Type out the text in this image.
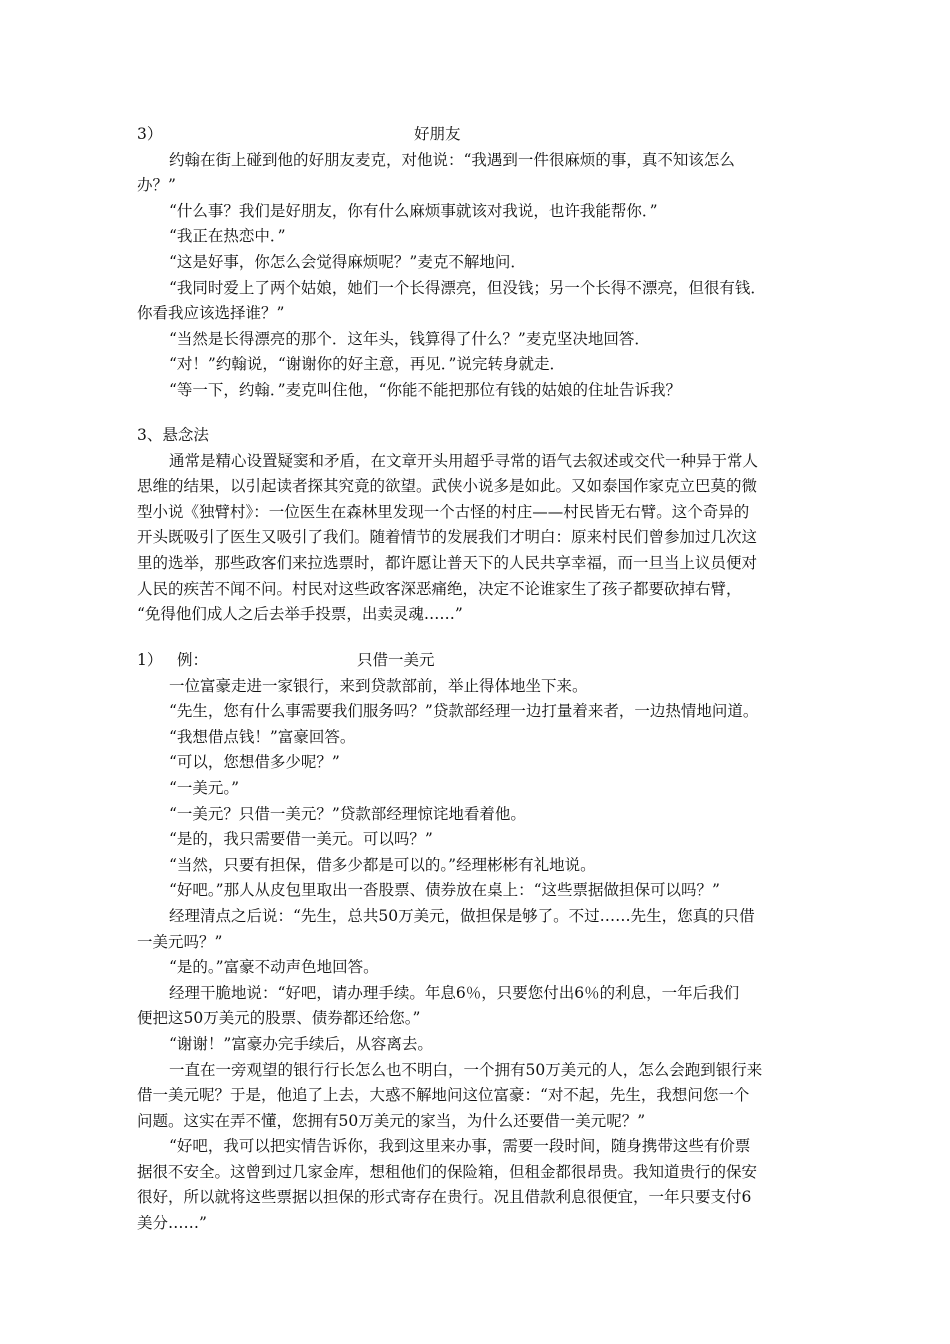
3）	好朋友
约翰在街上碰到他的好朋友麦克，对他说：“我遇到一件很麻烦的事，真不知该怎么
办？”
“什么事？我们是好朋友，你有什么麻烦事就该对我说，也许我能帮你．”
“我正在热恋中．”
“这是好事，你怎么会觉得麻烦呢？”麦克不解地问．
“我同时爱上了两个姑娘，她们一个长得漂亮，但没钱；另一个长得不漂亮，但很有钱．
你看我应该选择谁？”
“当然是长得漂亮的那个．这年头，钱算得了什么？”麦克坚决地回答．
“对！”约翰说，“谢谢你的好主意，再见．”说完转身就走．
“等一下，约翰．”麦克叫住他，“你能不能把那位有钱的姑娘的住址告诉我？
3、悬念法
通常是精心设置疑窦和矛盾，在文章开头用超乎寻常的语气去叙述或交代一种异于常人
思维的结果，以引起读者探其究竟的欲望。武侠小说多是如此。又如泰国作家克立巴莫的微
型小说《独臂村》：一位医生在森林里发现一个古怪的村庄——村民皆无右臂。这个奇异的
开头既吸引了医生又吸引了我们。随着情节的发展我们才明白：原来村民们曾参加过几次这
里的选举，那些政客们来拉选票时，都许愿让普天下的人民共享幸福，而一旦当上议员便对
人民的疾苦不闻不问。村民对这些政客深恶痛绝，决定不论谁家生了孩子都要砍掉右臂，
“免得他们成人之后去举手投票，出卖灵魂……”
1） 例：	只借一美元
一位富豪走进一家银行，来到贷款部前，举止得体地坐下来。
“先生，您有什么事需要我们服务吗？”贷款部经理一边打量着来者，一边热情地问道。
“我想借点钱！”富豪回答。
“可以，您想借多少呢？”
“一美元。”
“一美元？只借一美元？”贷款部经理惊诧地看着他。
“是的，我只需要借一美元。可以吗？”
“当然，只要有担保，借多少都是可以的。”经理彬彬有礼地说。
“好吧。”那人从皮包里取出一沓股票、债券放在桌上：“这些票据做担保可以吗？”
经理清点之后说：“先生，总共50万美元，做担保是够了。不过……先生，您真的只借
一美元吗？”
“是的。”富豪不动声色地回答。
经理干脆地说：“好吧，请办理手续。年息6％，只要您付出6％的利息，一年后我们
便把这50万美元的股票、债券都还给您。”
“谢谢！”富豪办完手续后，从容离去。
一直在一旁观望的银行行长怎么也不明白，一个拥有50万美元的人，怎么会跑到银行来
借一美元呢？于是，他追了上去，大惑不解地问这位富豪：“对不起，先生，我想问您一个
问题。这实在弄不懂，您拥有50万美元的家当，为什么还要借一美元呢？”
“好吧，我可以把实情告诉你，我到这里来办事，需要一段时间，随身携带这些有价票
据很不安全。这曾到过几家金库，想租他们的保险箱，但租金都很昂贵。我知道贵行的保安
很好，所以就将这些票据以担保的形式寄存在贵行。况且借款利息很便宜，一年只要支付6
美分……”
